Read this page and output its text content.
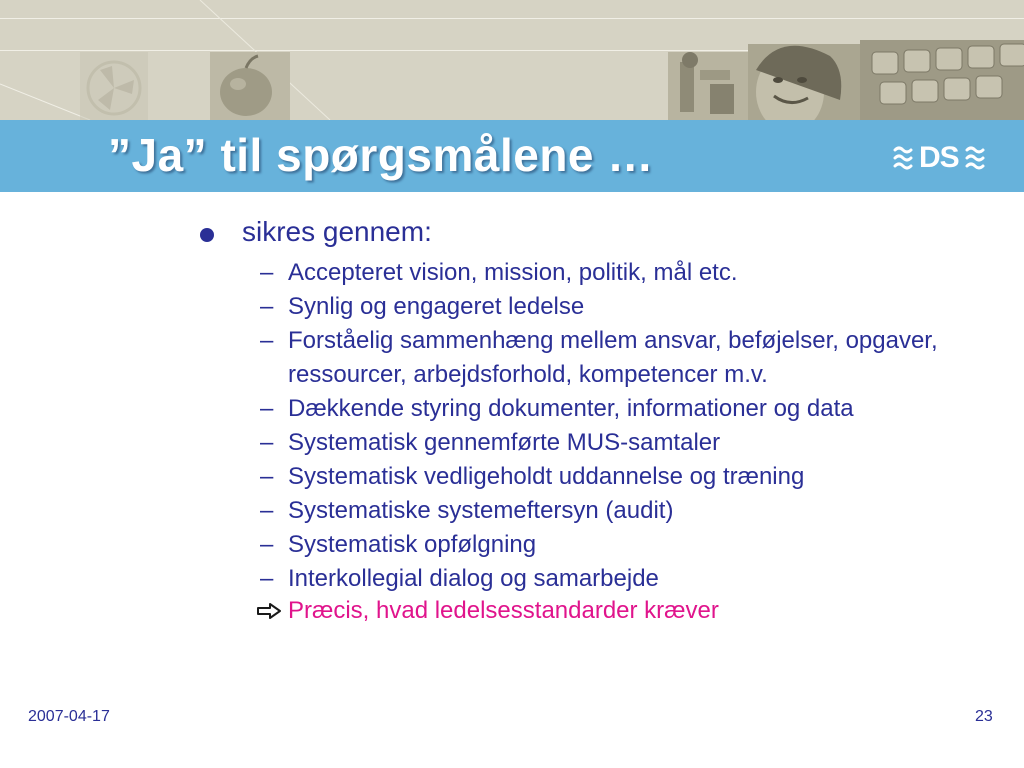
”Ja” til spørgsmålene …	DS
sikres gennem:
– Accepteret vision, mission, politik, mål etc.
– Synlig og engageret ledelse
– Forståelig sammenhæng mellem ansvar, beføjelser, opgaver, ressourcer, arbejdsforhold, kompetencer m.v.
– Dækkende styring dokumenter, informationer og data
– Systematisk gennemførte MUS-samtaler
– Systematisk vedligeholdt uddannelse og træning
– Systematiske systemeftersyn (audit)
– Systematisk opfølgning
– Interkollegial dialog og samarbejde
Præcis, hvad ledelsesstandarder kræver
2007-04-17	23
